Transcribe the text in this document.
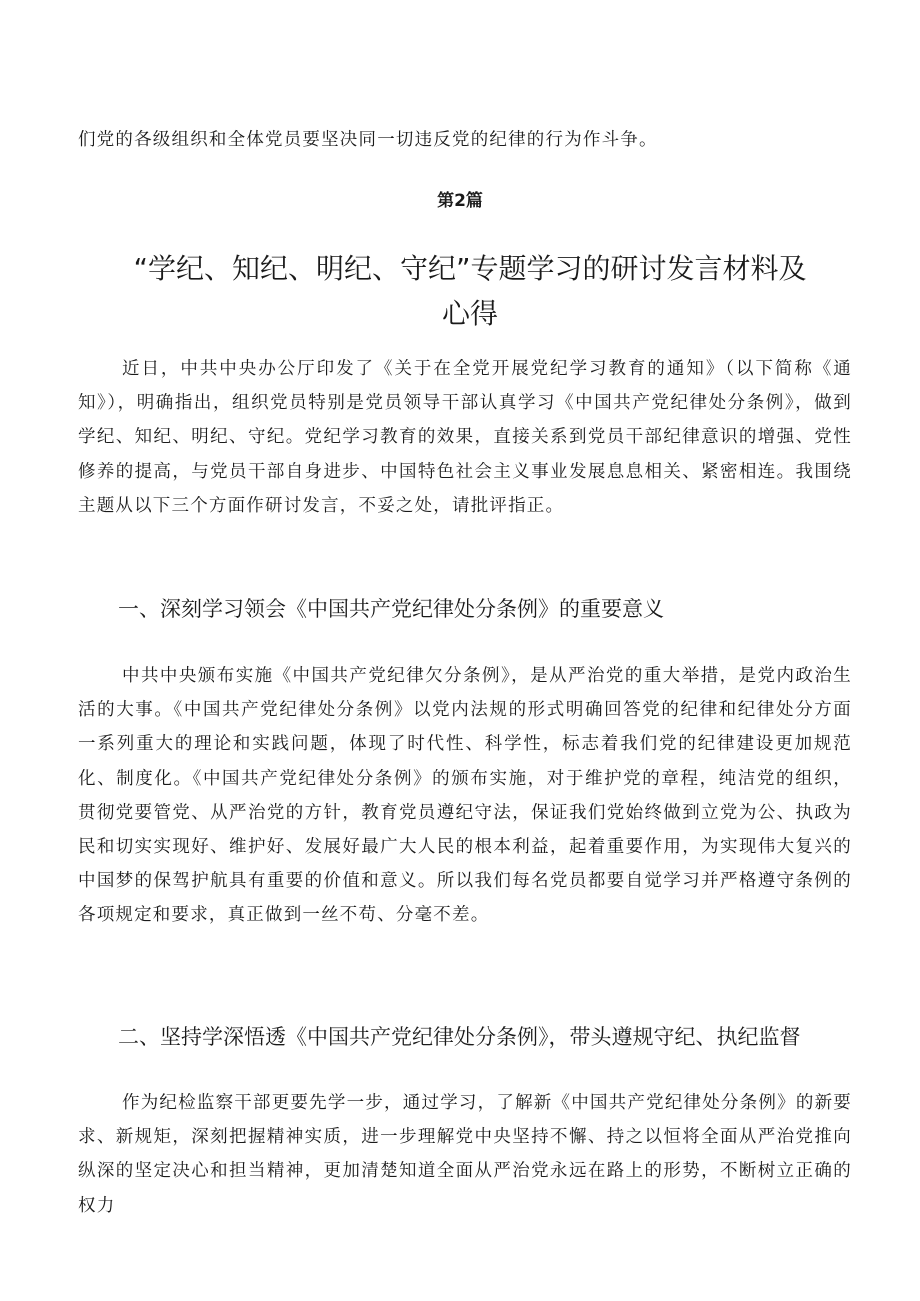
们党的各级组织和全体党员要坚决同一切违反党的纪律的行为作斗争。

第2篇

“学纪、知纪、明纪、守纪”专题学习的研讨发言材料及心得

近日，中共中央办公厅印发了《关于在全党开展党纪学习教育的通知》（以下简称《通知》），明确指出，组织党员特别是党员领导干部认真学习《中国共产党纪律处分条例》，做到学纪、知纪、明纪、守纪。党纪学习教育的效果，直接关系到党员干部纪律意识的增强、党性修养的提高，与党员干部自身进步、中国特色社会主义事业发展息息相关、紧密相连。我围绕主题从以下三个方面作研讨发言，不妥之处，请批评指正。

一、深刻学习领会《中国共产党纪律处分条例》的重要意义

中共中央颁布实施《中国共产党纪律欠分条例》，是从严治党的重大举措，是党内政治生活的大事。《中国共产党纪律处分条例》以党内法规的形式明确回答党的纪律和纪律处分方面一系列重大的理论和实践问题，体现了时代性、科学性，标志着我们党的纪律建设更加规范化、制度化。《中国共产党纪律处分条例》的颁布实施，对于维护党的章程，纯洁党的组织，贯彻党要管党、从严治党的方针，教育党员遵纪守法，保证我们党始终做到立党为公、执政为民和切实实现好、维护好、发展好最广大人民的根本利益，起着重要作用，为实现伟大复兴的中国梦的保驾护航具有重要的价值和意义。所以我们每名党员都要自觉学习并严格遵守条例的各项规定和要求，真正做到一丝不苟、分毫不差。

二、坚持学深悟透《中国共产党纪律处分条例》，带头遵规守纪、执纪监督

作为纪检监察干部更要先学一步，通过学习，了解新《中国共产党纪律处分条例》的新要求、新规矩，深刻把握精神实质，进一步理解党中央坚持不懈、持之以恒将全面从严治党推向纵深的坚定决心和担当精神，更加清楚知道全面从严治党永远在路上的形势，不断树立正确的权力
